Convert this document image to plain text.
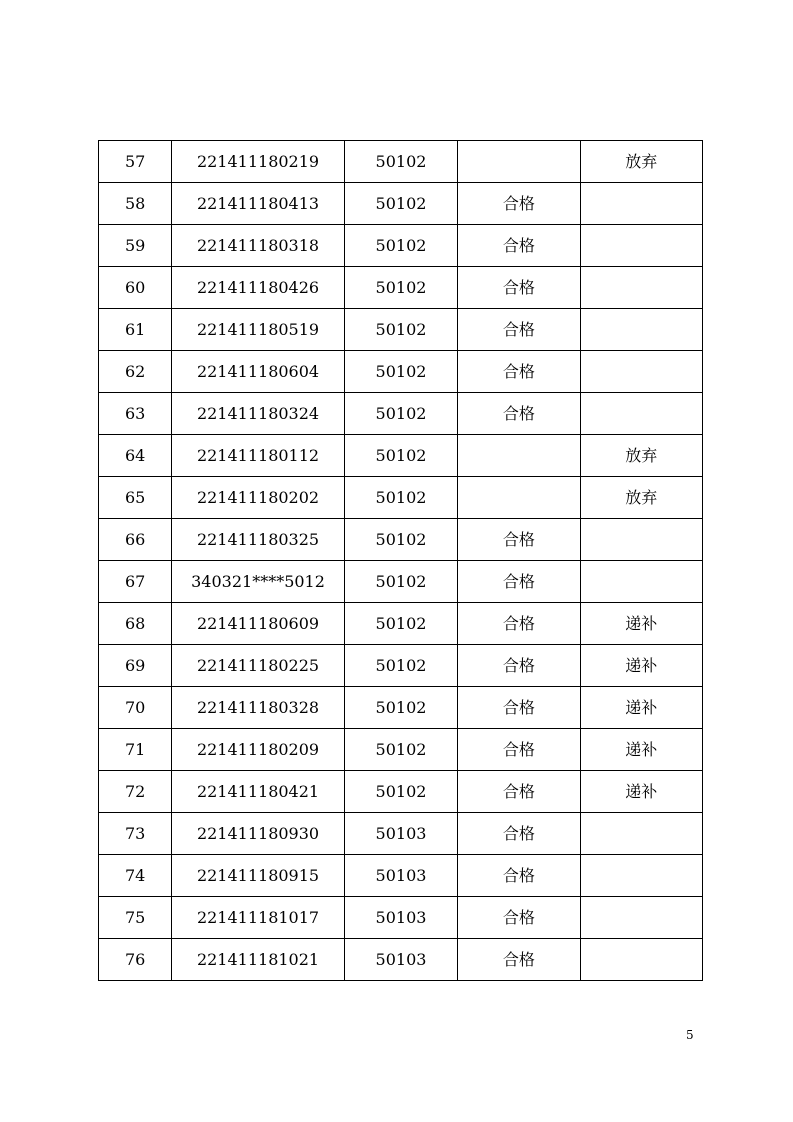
57	221411180219	50102		放弃
58	221411180413	50102	合格	
59	221411180318	50102	合格	
60	221411180426	50102	合格	
61	221411180519	50102	合格	
62	221411180604	50102	合格	
63	221411180324	50102	合格	
64	221411180112	50102		放弃
65	221411180202	50102		放弃
66	221411180325	50102	合格	
67	340321****5012	50102	合格	
68	221411180609	50102	合格	递补
69	221411180225	50102	合格	递补
70	221411180328	50102	合格	递补
71	221411180209	50102	合格	递补
72	221411180421	50102	合格	递补
73	221411180930	50103	合格	
74	221411180915	50103	合格	
75	221411181017	50103	合格	
76	221411181021	50103	合格	
5
